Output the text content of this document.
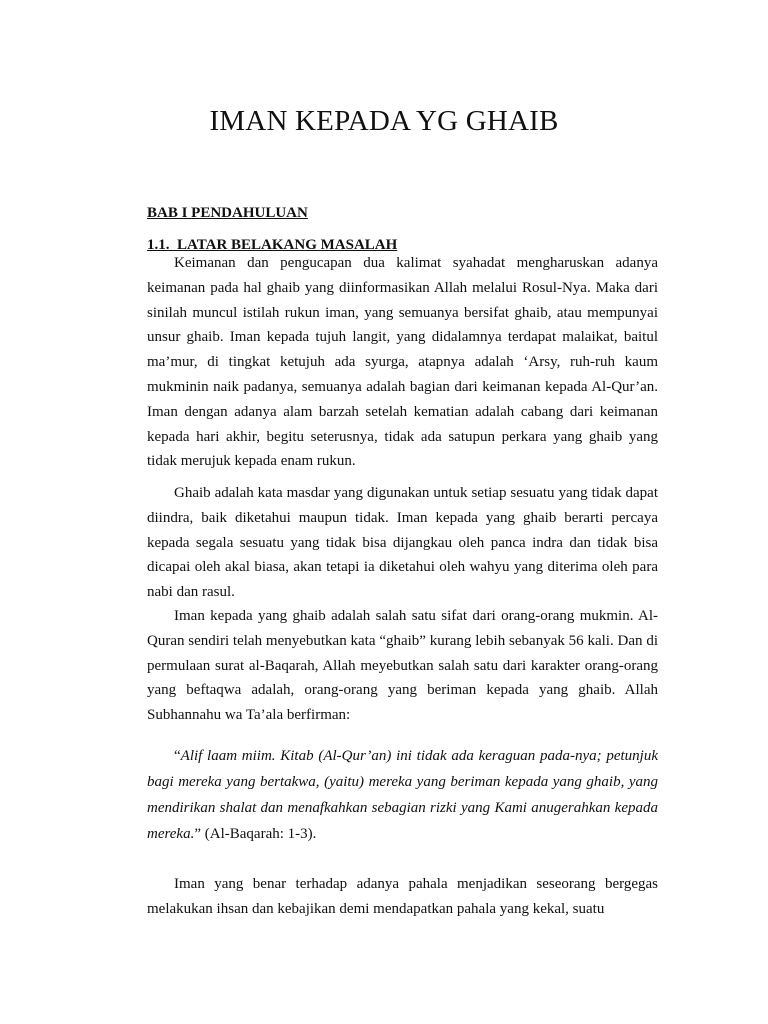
IMAN KEPADA YG GHAIB
BAB I PENDAHULUAN
1.1.  LATAR BELAKANG MASALAH

Keimanan dan pengucapan dua kalimat syahadat mengharuskan adanya keimanan pada hal ghaib yang diinformasikan Allah melalui Rosul-Nya. Maka dari sinilah muncul istilah rukun iman, yang semuanya bersifat ghaib, atau mempunyai unsur ghaib. Iman kepada tujuh langit, yang didalamnya terdapat malaikat, baitul ma’mur, di tingkat ketujuh ada syurga, atapnya adalah ‘Arsy, ruh-ruh kaum mukminin naik padanya, semuanya adalah bagian dari keimanan kepada Al-Qur’an. Iman dengan adanya alam barzah setelah kematian adalah cabang dari keimanan kepada hari akhir, begitu seterusnya, tidak ada satupun perkara yang ghaib yang tidak merujuk kepada enam rukun.

Ghaib adalah kata masdar yang digunakan untuk setiap sesuatu yang tidak dapat diindra, baik diketahui maupun tidak. Iman kepada yang ghaib berarti percaya kepada segala sesuatu yang tidak bisa dijangkau oleh panca indra dan tidak bisa dicapai oleh akal biasa, akan tetapi ia diketahui oleh wahyu yang diterima oleh para nabi dan rasul.

Iman kepada yang ghaib adalah salah satu sifat dari orang-orang mukmin. Al-Quran sendiri telah menyebutkan kata “ghaib” kurang lebih sebanyak 56 kali. Dan di permulaan surat al-Baqarah, Allah meyebutkan salah satu dari karakter orang-orang yang beftaqwa adalah, orang-orang yang beriman kepada yang ghaib. Allah Subhannahu wa Ta’ala berfirman:

“Alif laam miim. Kitab (Al-Qur’an) ini tidak ada keraguan pada-nya; petunjuk bagi mereka yang bertakwa, (yaitu) mereka yang beriman kepada yang ghaib, yang mendirikan shalat dan menafkahkan sebagian rizki yang Kami anugerahkan kepada mereka.” (Al-Baqarah: 1-3).

Iman yang benar terhadap adanya pahala menjadikan seseorang bergegas melakukan ihsan dan kebajikan demi mendapatkan pahala yang kekal, suatu
